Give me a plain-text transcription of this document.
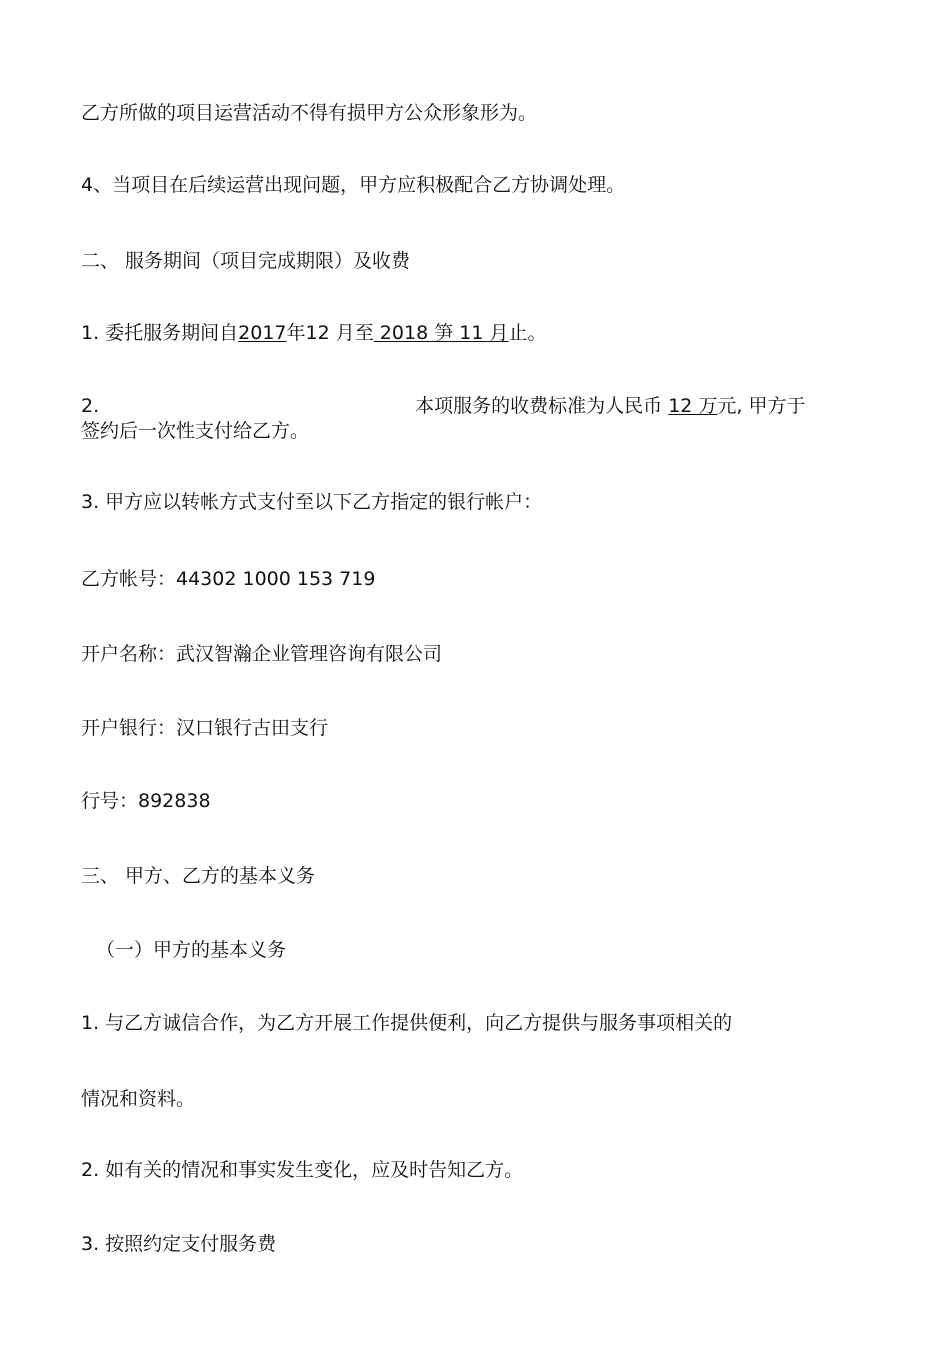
乙方所做的项目运营活动不得有损甲方公众形象形为。
4、当项目在后续运营出现问题，甲方应积极配合乙方协调处理。
二、 服务期间（项目完成期限）及收费
1. 委托服务期间自2017年12 月至 2018 笋 11 月止。
2.	本项服务的收费标准为人民币 12 万元, 甲方于
签约后一次性支付给乙方。
3. 甲方应以转帐方式支付至以下乙方指定的银行帐户：
乙方帐号：44302 1000 153 719
开户名称：武汉智瀚企业管理咨询有限公司
开户银行：汉口银行古田支行
行号：892838
三、 甲方、乙方的基本义务
（一）甲方的基本义务
1. 与乙方诚信合作，为乙方开展工作提供便利，向乙方提供与服务事项相关的
情况和资料。
2. 如有关的情况和事实发生变化，应及时告知乙方。
3. 按照约定支付服务费
